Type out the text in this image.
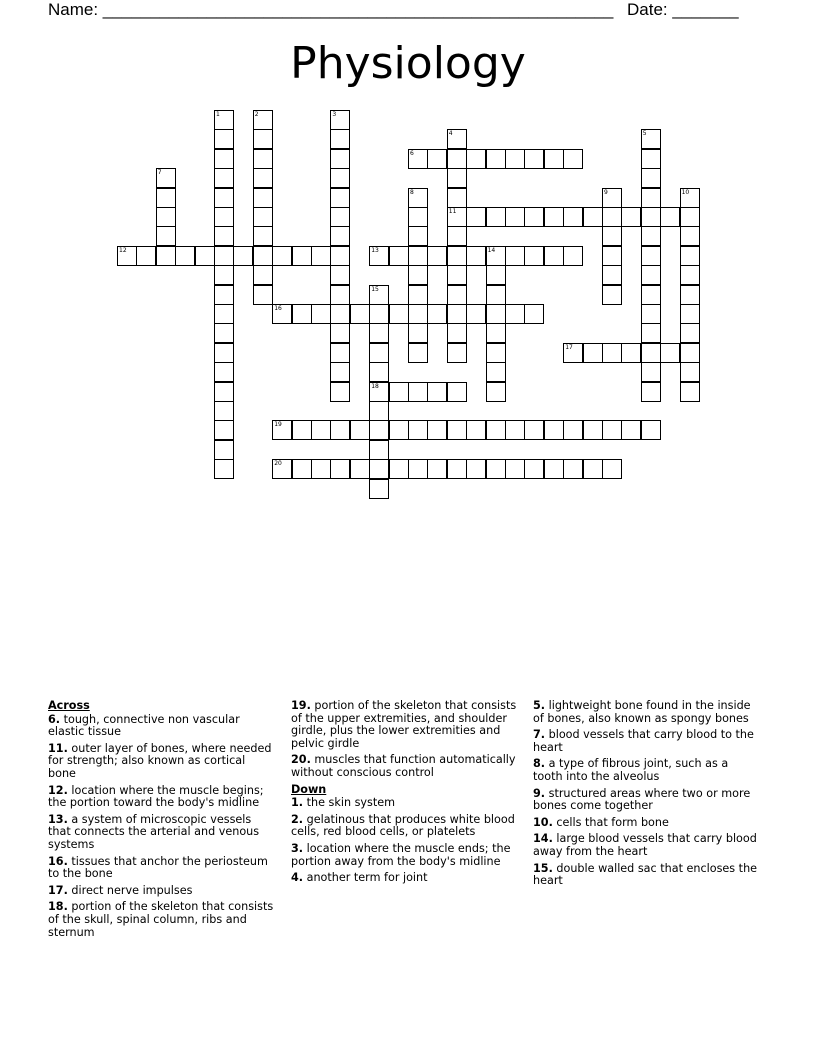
Name: ______________________________________________________ Date: _______
Physiology
1	2	3
4	5
6
7
8	9	10
11
12	13	14
15
16
17
18
19
20
Across
6. tough, connective non vascular elastic tissue
11. outer layer of bones, where needed for strength; also known as cortical bone
12. location where the muscle begins; the portion toward the body's midline
13. a system of microscopic vessels that connects the arterial and venous systems
16. tissues that anchor the periosteum to the bone
17. direct nerve impulses
18. portion of the skeleton that consists of the skull, spinal column, ribs and sternum
19. portion of the skeleton that consists of the upper extremities, and shoulder girdle, plus the lower extremities and pelvic girdle
20. muscles that function automatically without conscious control
Down
1. the skin system
2. gelatinous that produces white blood cells, red blood cells, or platelets
3. location where the muscle ends; the portion away from the body's midline
4. another term for joint
5. lightweight bone found in the inside of bones, also known as spongy bones
7. blood vessels that carry blood to the heart
8. a type of fibrous joint, such as a tooth into the alveolus
9. structured areas where two or more bones come together
10. cells that form bone
14. large blood vessels that carry blood away from the heart
15. double walled sac that encloses the heart
